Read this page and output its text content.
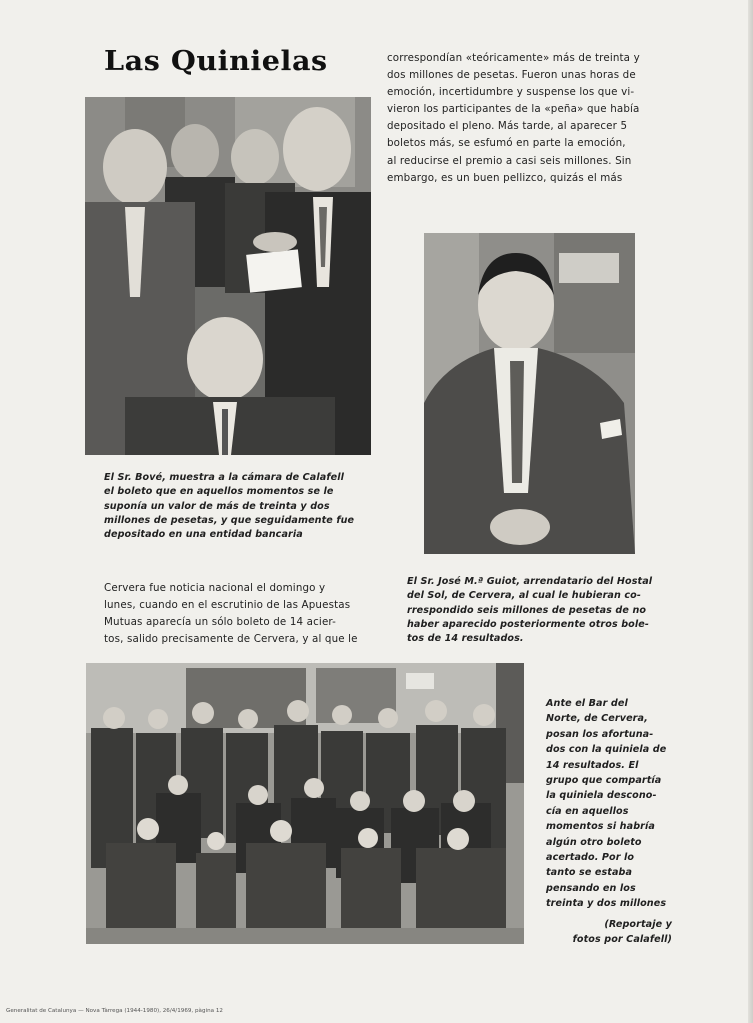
Las Quinielas	correspondían «teóricamente» más de treinta y
dos millones de pesetas. Fueron unas horas de
emoción, incertidumbre y suspense los que vi-
vieron los participantes de la «peña» que había
depositado el pleno. Más tarde, al aparecer 5
boletos más, se esfumó en parte la emoción,
al reducirse el premio a casi seis millones. Sin
embargo, es un buen pellizco, quizás el más
El Sr. Bové, muestra a la cámara de Calafell
el boleto que en aquellos momentos se le
suponía un valor de más de treinta y dos
millones de pesetas, y que seguidamente fue
depositado en una entidad bancaria
El Sr. José M.ª Guiot, arrendatario del Hostal
del Sol, de Cervera, al cual le hubieran co-
rrespondido seis millones de pesetas de no
haber aparecido posteriormente otros bole-
tos de 14 resultados.
Cervera fue noticia nacional el domingo y
lunes, cuando en el escrutinio de las Apuestas
Mutuas aparecía un sólo boleto de 14 acier-
tos, salido precisamente de Cervera, y al que le
Ante el Bar del
Norte, de Cervera,
posan los afortuna-
dos con la quiniela de
14 resultados. El
grupo que compartía
la quiniela descono-
cía en aquellos
momentos si habría
algún otro boleto
acertado. Por lo
tanto se estaba
pensando en los
treinta y dos millones
(Reportaje y
fotos por Calafell)
Generalitat de Catalunya — Nova Tàrrega (1944-1980), 26/4/1969, pàgina 12
